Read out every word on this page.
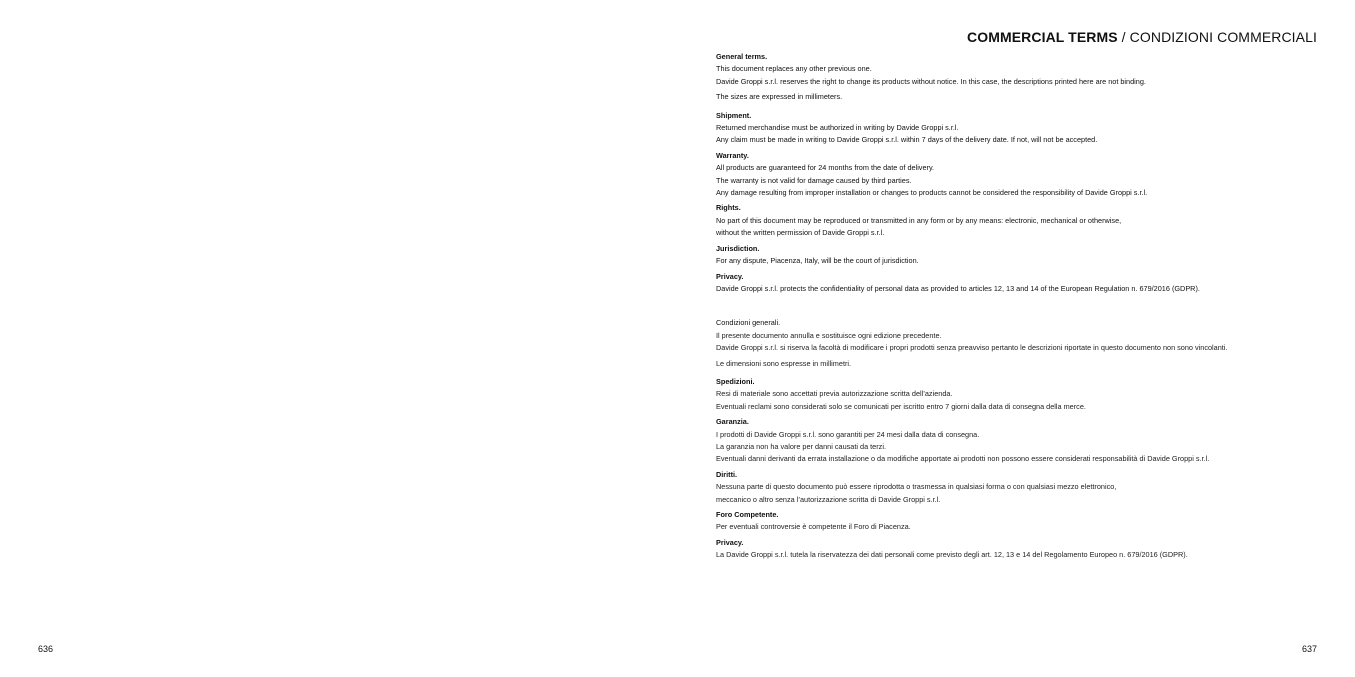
636
COMMERCIAL TERMS / CONDIZIONI COMMERCIALI
General terms.
This document replaces any other previous one.
Davide Groppi s.r.l. reserves the right to change its products without notice. In this case, the descriptions printed here are not binding.
The sizes are expressed in millimeters.
Shipment.
Returned merchandise must be authorized in writing by Davide Groppi s.r.l.
Any claim must be made in writing to Davide Groppi s.r.l. within 7 days of the delivery date. If not, will not be accepted.
Warranty.
All products are guaranteed for 24 months from the date of delivery.
The warranty is not valid for damage caused by third parties.
Any damage resulting from improper installation or changes to products cannot be considered the responsibility of Davide Groppi s.r.l.
Rights.
No part of this document may be reproduced or transmitted in any form or by any means: electronic, mechanical or otherwise,
without the written permission of Davide Groppi s.r.l.
Jurisdiction.
For any dispute, Piacenza, Italy, will be the court of jurisdiction.
Privacy.
Davide Groppi s.r.l. protects the confidentiality of personal data as provided to articles 12, 13 and 14 of the European Regulation n. 679/2016 (GDPR).
Condizioni generali.
Il presente documento annulla e sostituisce ogni edizione precedente.
Davide Groppi s.r.l. si riserva la facoltà di modificare i propri prodotti senza preavviso pertanto le descrizioni riportate in questo documento non sono vincolanti.
Le dimensioni sono espresse in millimetri.
Spedizioni.
Resi di materiale sono accettati previa autorizzazione scritta dell’azienda.
Eventuali reclami sono considerati solo se comunicati per iscritto entro 7 giorni dalla data di consegna della merce.
Garanzia.
I prodotti di Davide Groppi s.r.l. sono garantiti per 24 mesi dalla data di consegna.
La garanzia non ha valore per danni causati da terzi.
Eventuali danni derivanti da errata installazione o da modifiche apportate ai prodotti non possono essere considerati responsabilità di Davide Groppi s.r.l.
Diritti.
Nessuna parte di questo documento può essere riprodotta o trasmessa in qualsiasi forma o con qualsiasi mezzo elettronico,
meccanico o altro senza l’autorizzazione scritta di Davide Groppi s.r.l.
Foro Competente.
Per eventuali controversie è competente il Foro di Piacenza.
Privacy.
La Davide Groppi s.r.l. tutela la riservatezza dei dati personali come previsto degli art. 12, 13 e 14 del Regolamento Europeo n. 679/2016 (GDPR).
637
